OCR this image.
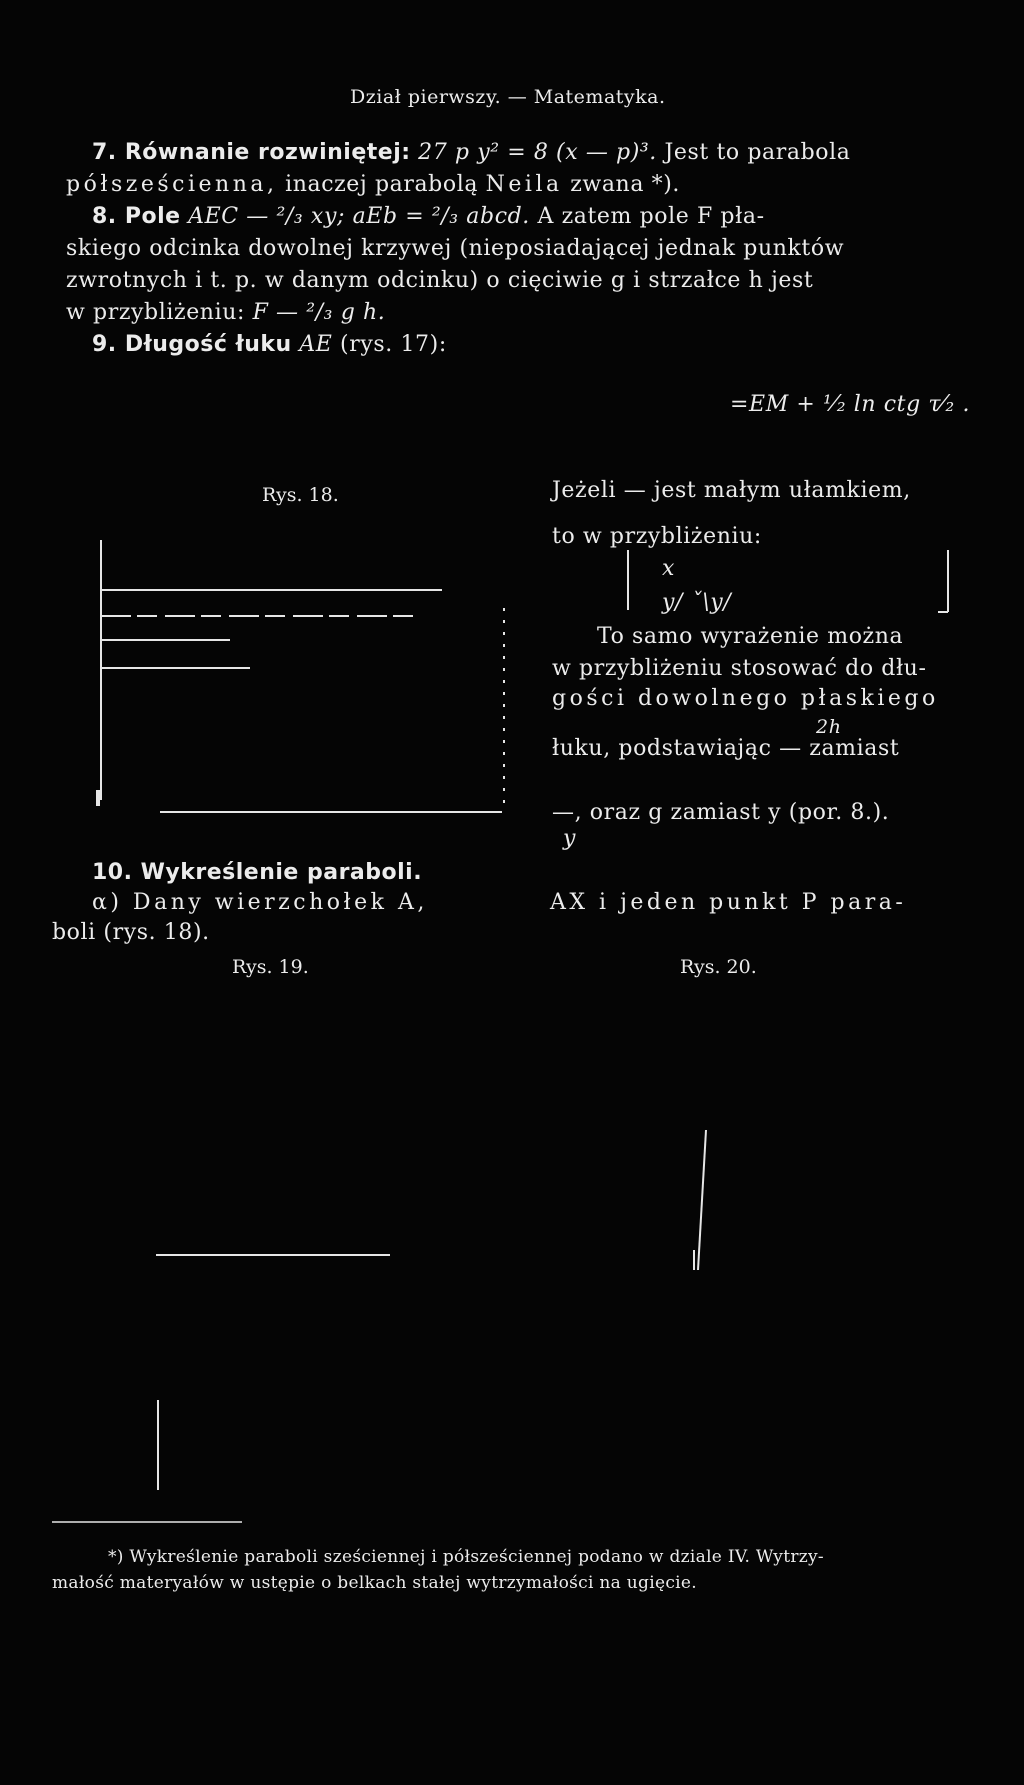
Dział pierwszy. — Matematyka.
7. Równanie rozwiniętej: 27 p y² = 8 (x — p)³. Jest to parabola
półsześcienna, inaczej parabolą Neila zwana *).
8. Pole AEC — ²/₃ xy; aEb = ²/₃ abcd. A zatem pole F pła-
skiego odcinka dowolnej krzywej (nieposiadającej jednak punktów
zwrotnych i t. p. w danym odcinku) o cięciwie g i strzałce h jest
w przybliżeniu: F — ²/₃ g h.
9. Długość łuku AE (rys. 17):
=EM + ¹⁄₂ ln ctg τ⁄₂ .
Rys. 18.	Jeżeli — jest małym ułamkiem,
to w przybliżeniu:
x
y/ ˇ\y/
To samo wyrażenie można
w przybliżeniu stosować do dłu-
gości dowolnego płaskiego
2h
łuku, podstawiając — zamiast
—, oraz g zamiast y (por. 8.).
y
AX i jeden punkt P para-
10. Wykreślenie paraboli.
α) Dany wierzchołek A,
boli (rys. 18).
Rys. 19.	Rys. 20.
*) Wykreślenie paraboli sześciennej i półsześciennej podano w dziale IV. Wytrzy-
małość materyałów w ustępie o belkach stałej wytrzymałości na ugięcie.
